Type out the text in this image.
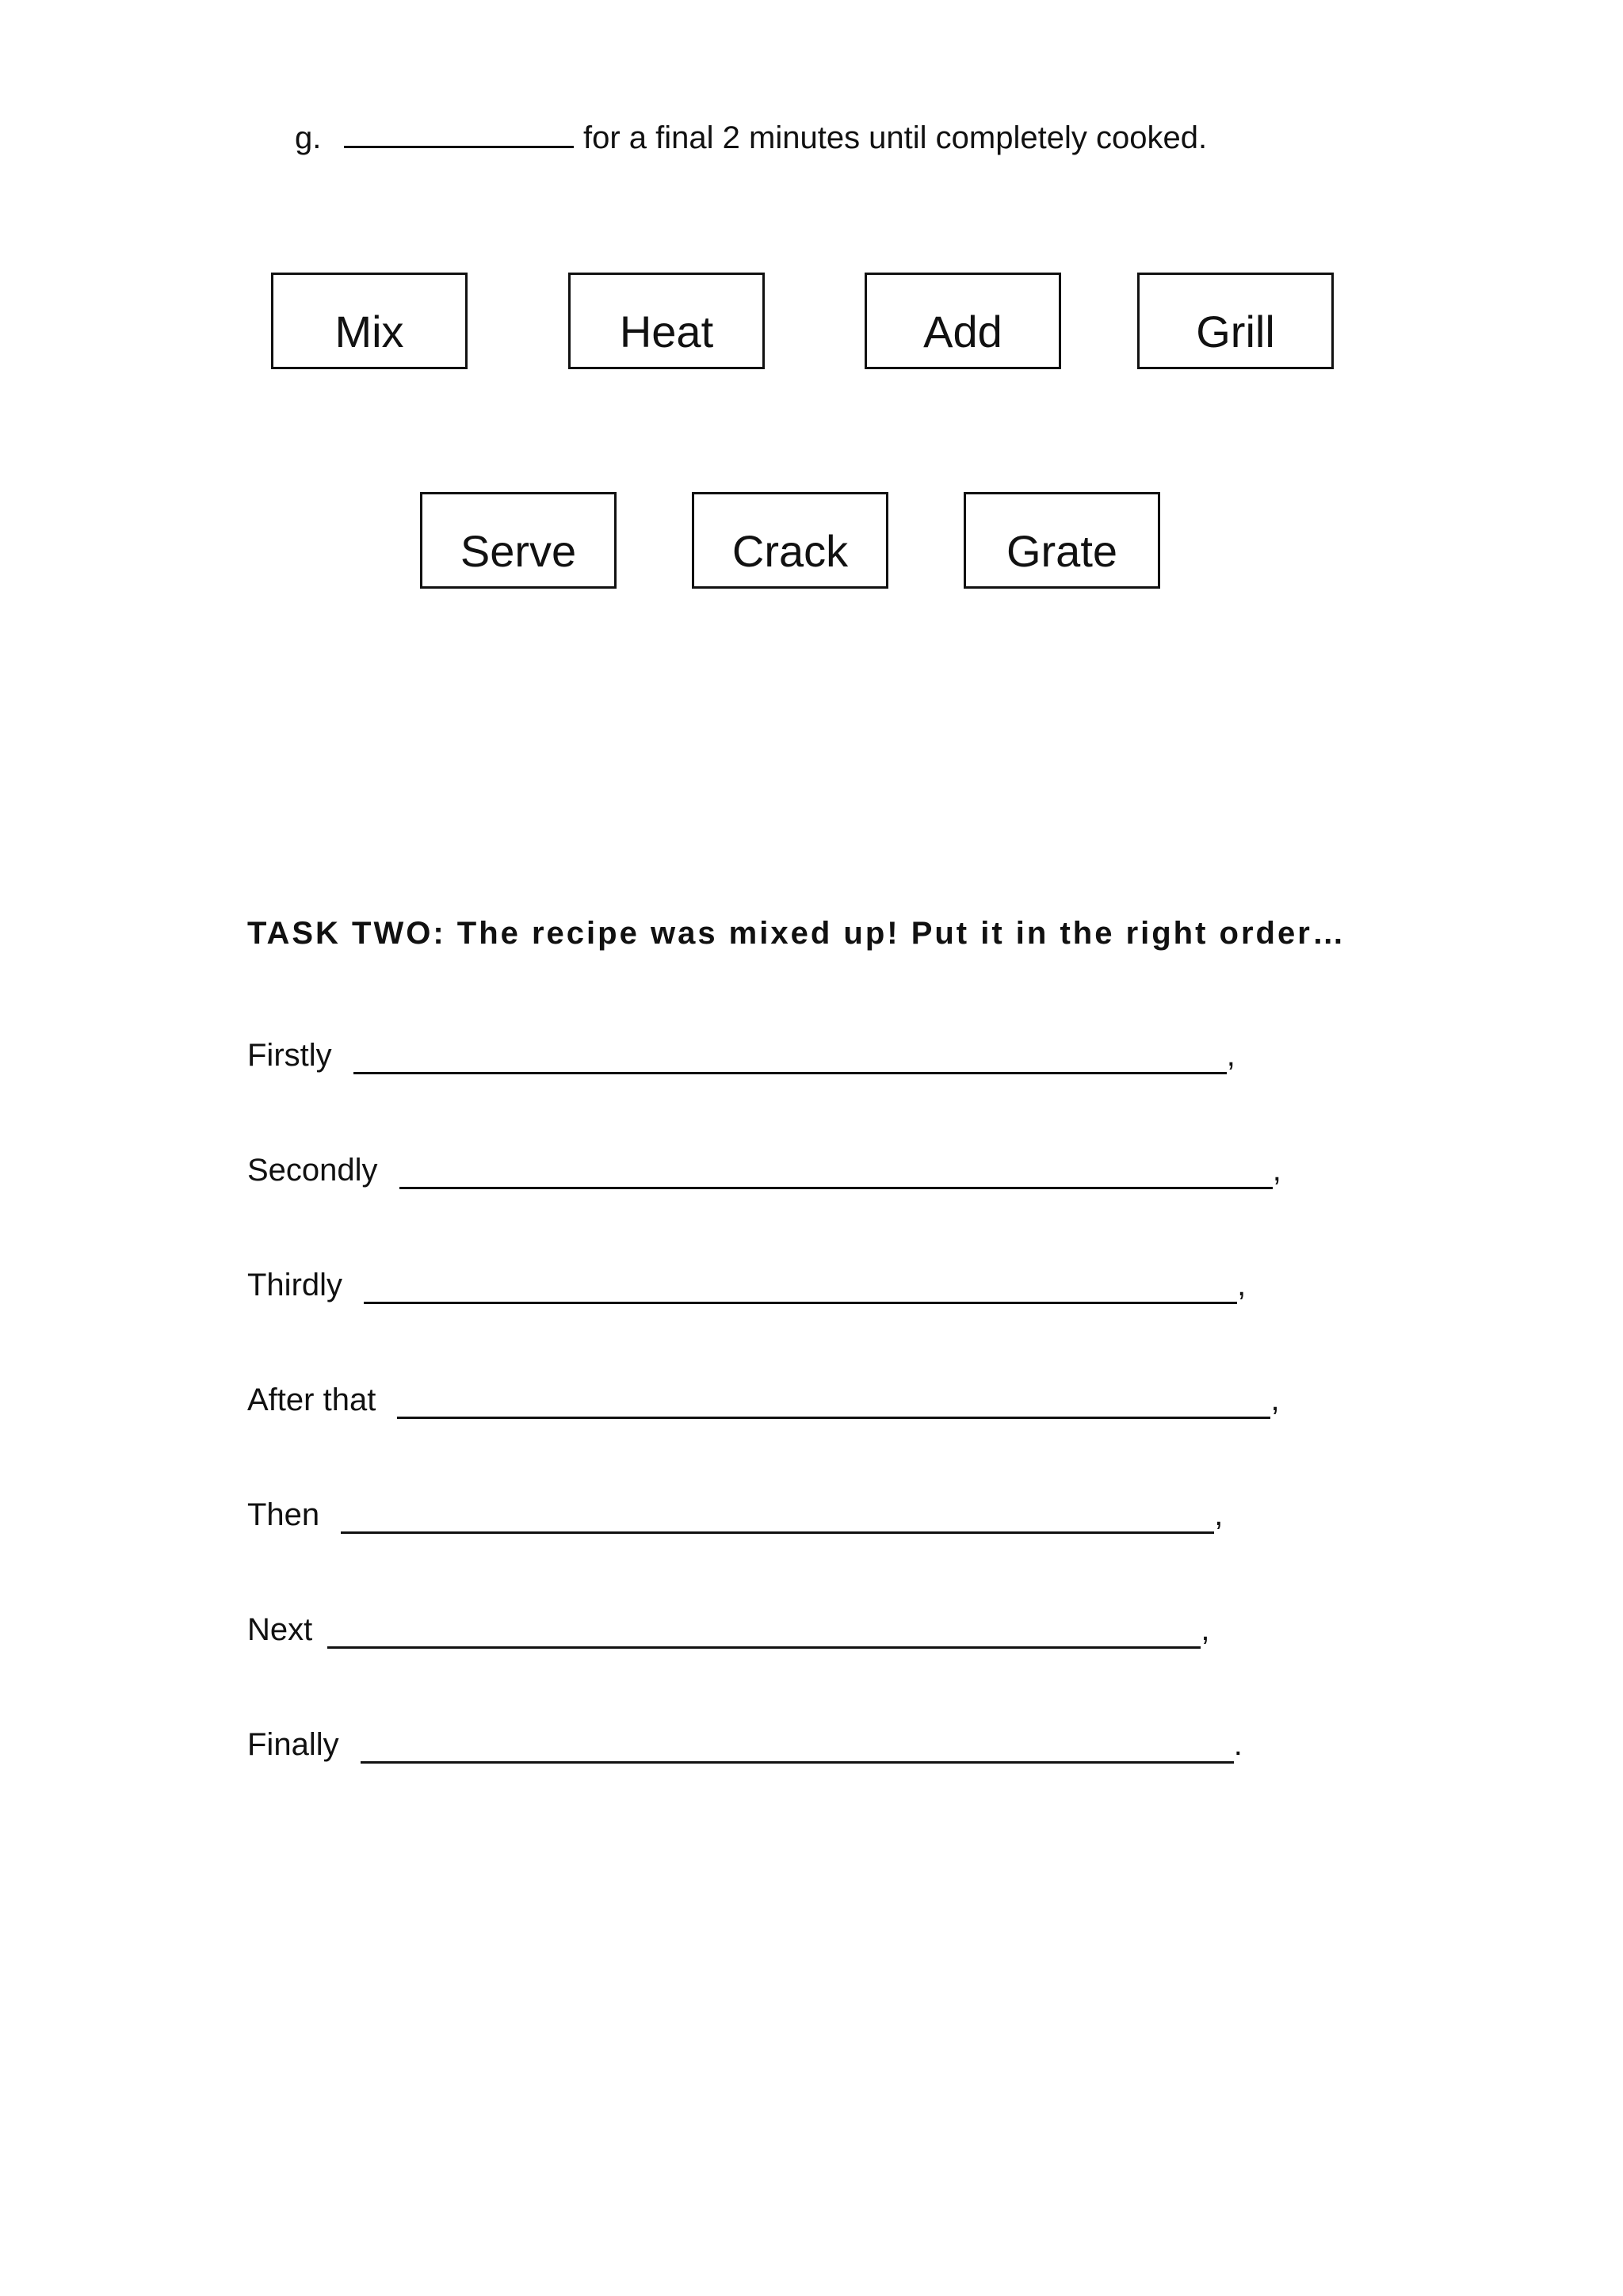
g.	for a final 2 minutes until completely cooked.
Mix	Heat	Add	Grill
Serve	Crack	Grate
TASK TWO: The recipe was mixed up! Put it in the right order…
Firstly	,
Secondly	,
Thirdly	,
After that	,
Then	,
Next	,
Finally	.
